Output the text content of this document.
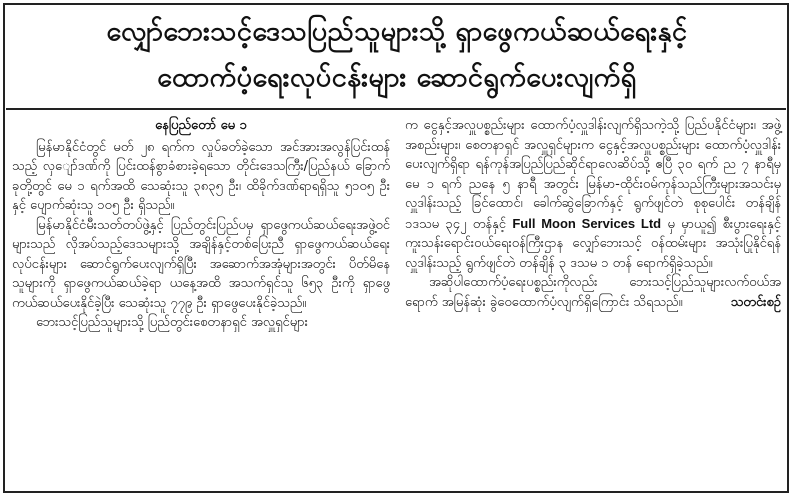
လျှော်ဘေးသင့်ဒေသပြည်သူများသို့ ရှာဖွေကယ်ဆယ်ရေးနှင့်
ထောက်ပံ့ရေးလုပ်ငန်းများ ဆောင်ရွက်ပေးလျက်ရှိ
နေပြည်တော် မေ ၁

မြန်မာနိုင်ငံတွင် မတ် ၂၈ ရက်က လှုပ်ခတ်ခဲ့သော အင်အားအလွန်ပြင်းထန်သည့် လှျော်ဒဏ်ကို ပြင်းထန်စွာခံစားခဲ့ရသော တိုင်းဒေသကြီး/ပြည်နယ် ခြောက်ခုတို့တွင် မေ ၁ ရက်အထိ သေဆုံးသူ ၃၈၃၅ ဦး၊ ထိခိုက်ဒဏ်ရာရရှိသူ ၅၁၀၅ ဦးနှင့် ပျောက်ဆုံးသူ ၁၀၅ ဦး ရှိသည်။

မြန်မာနိုင်ငံမီးသတ်တပ်ဖွဲ့နှင့် ပြည်တွင်းပြည်ပမှ ရှာဖွေကယ်ဆယ်ရေးအဖွဲ့ဝင်များသည် လိုအပ်သည့်ဒေသများသို့ အချိန်နှင့်တစ်ပြေးညီ ရှာဖွေကယ်ဆယ်ရေးလုပ်ငန်းများ ဆောင်ရွက်ပေးလျက်ရှိပြီး အဆောက်အအုံများအတွင်း ပိတ်မိနေသူများကို ရှာဖွေကယ်ဆယ်ခဲ့ရာ ယနေ့အထိ အသက်ရှင်သူ ၆၅၃ ဦးကို ရှာဖွေကယ်ဆယ်ပေးနိုင်ခဲ့ပြီး သေဆုံးသူ ၇၇၉ ဦး ရှာဖွေပေးနိုင်ခဲ့သည်။

ဘေးသင့်ပြည်သူများသို့ ပြည်တွင်းစေတနာရှင် အလှူရှင်များ

က ငွေနှင့်အလှူပစ္စည်းများ ထောက်ပံ့လှူဒါန်းလျက်ရှိသကဲ့သို့ ပြည်ပနိုင်ငံများ၊ အဖွဲ့အစည်းများ၊ စေတနာရှင် အလှူရှင်များက ငွေနှင့်အလှူပစ္စည်းများ ထောက်ပံ့လှူဒါန်းပေးလျက်ရှိရာ ရန်ကုန်အပြည်ပြည်ဆိုင်ရာလေဆိပ်သို့ ဧပြီ ၃၀ ရက် ည ၇ နာရီမှ မေ ၁ ရက် ညနေ ၅ နာရီ အတွင်း မြန်မာ-ထိုင်းဝမ်ကုန်သည်ကြီးများအသင်းမှ လှူဒါန်းသည့် ခြင်ထောင်၊ ခေါက်ဆွဲခြောက်နှင့် ရွက်ဖျင်တဲ စုစုပေါင်း တန်ချိန် ၁ဒသမ ၃၄၂ တန်နှင့် Full Moon Services Ltd မှ မှာယူ၍ စီးပွားရေးနှင့် ကူးသန်းရောင်းဝယ်ရေးဝန်ကြီးဌာန လျှော်ဘေးသင့် ဝန်ထမ်းများ အသုံးပြုနိုင်ရန် လှူဒါန်းသည့် ရွက်ဖျင်တဲ တန်ချိန် ၃ ဒသမ ၁ တန် ရောက်ရှိခဲ့သည်။

အဆိုပါထောက်ပံ့ရေးပစ္စည်းကိုလည်း ဘေးသင့်ပြည်သူများလက်ဝယ်အရောက် အမြန်ဆုံး ခွဲဝေထောက်ပံ့လျက်ရှိကြောင်း သိရသည်။	သတင်းစဉ်
